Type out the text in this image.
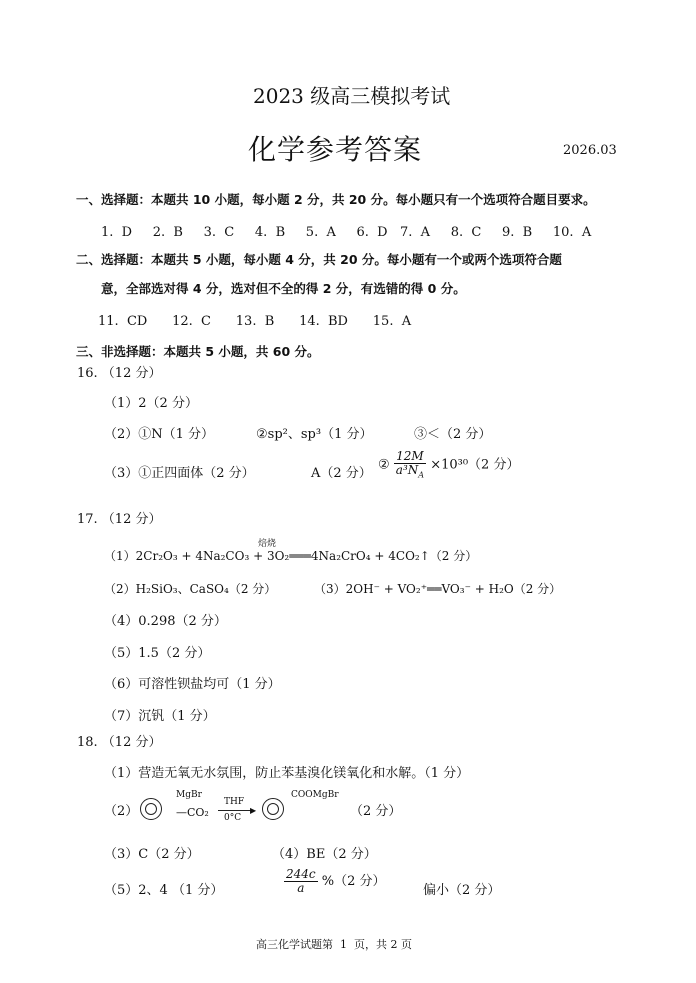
2023 级高三模拟考试
化学参考答案	2026.03
一、选择题：本题共 10 小题，每小题 2 分，共 20 分。每小题只有一个选项符合题目要求。
1.  D     2.  B     3.  C     4.  B     5.  A     6.  D   7.  A     8.  C     9.  B     10.  A
二、选择题：本题共 5 小题，每小题 4 分，共 20 分。每小题有一个或两个选项符合题
意，全部选对得 4 分，选对但不全的得 2 分，有选错的得 0 分。
11.  CD      12.  C      13.  B      14.  BD      15.  A
三、非选择题：本题共 5 小题，共 60 分。
16. （12 分）
（1）2（2 分）
（2）①N（1 分）	②sp²、sp³（1 分）	③＜（2 分）
（3）①正四面体（2 分）	A（2 分）
② $\frac{12M}{a^3N_A} \times 10^{30}(2$ 分）
17. （12 分）
焙烧
（1）2Cr₂O₃ + 4Na₂CO₃ + 3O₂═══4Na₂CrO₄ + 4CO₂↑（2 分）
（2）H₂SiO₃、CaSO₄（2 分）	（3）2OH⁻ + VO₂⁺══VO₃⁻ + H₂O（2 分）
（4）0.298（2 分）
（5）1.5（2 分）
（6）可溶性钡盐均可（1 分）
（7）沉钒（1 分）
18. （12 分）
（1）营造无氧无水氛围，防止苯基溴化镁氧化和水解。（1 分）
（2）
MgBr
—CO₂
THF
▶
0°C
COOMgBr
（2 分）
（3）C（2 分）	（4）BE（2 分）
（5）2、4 （1 分）	$\frac{244c}{a} \%(2$ 分）
偏小（2 分）
高三化学试题第  1  页，共 2 页
